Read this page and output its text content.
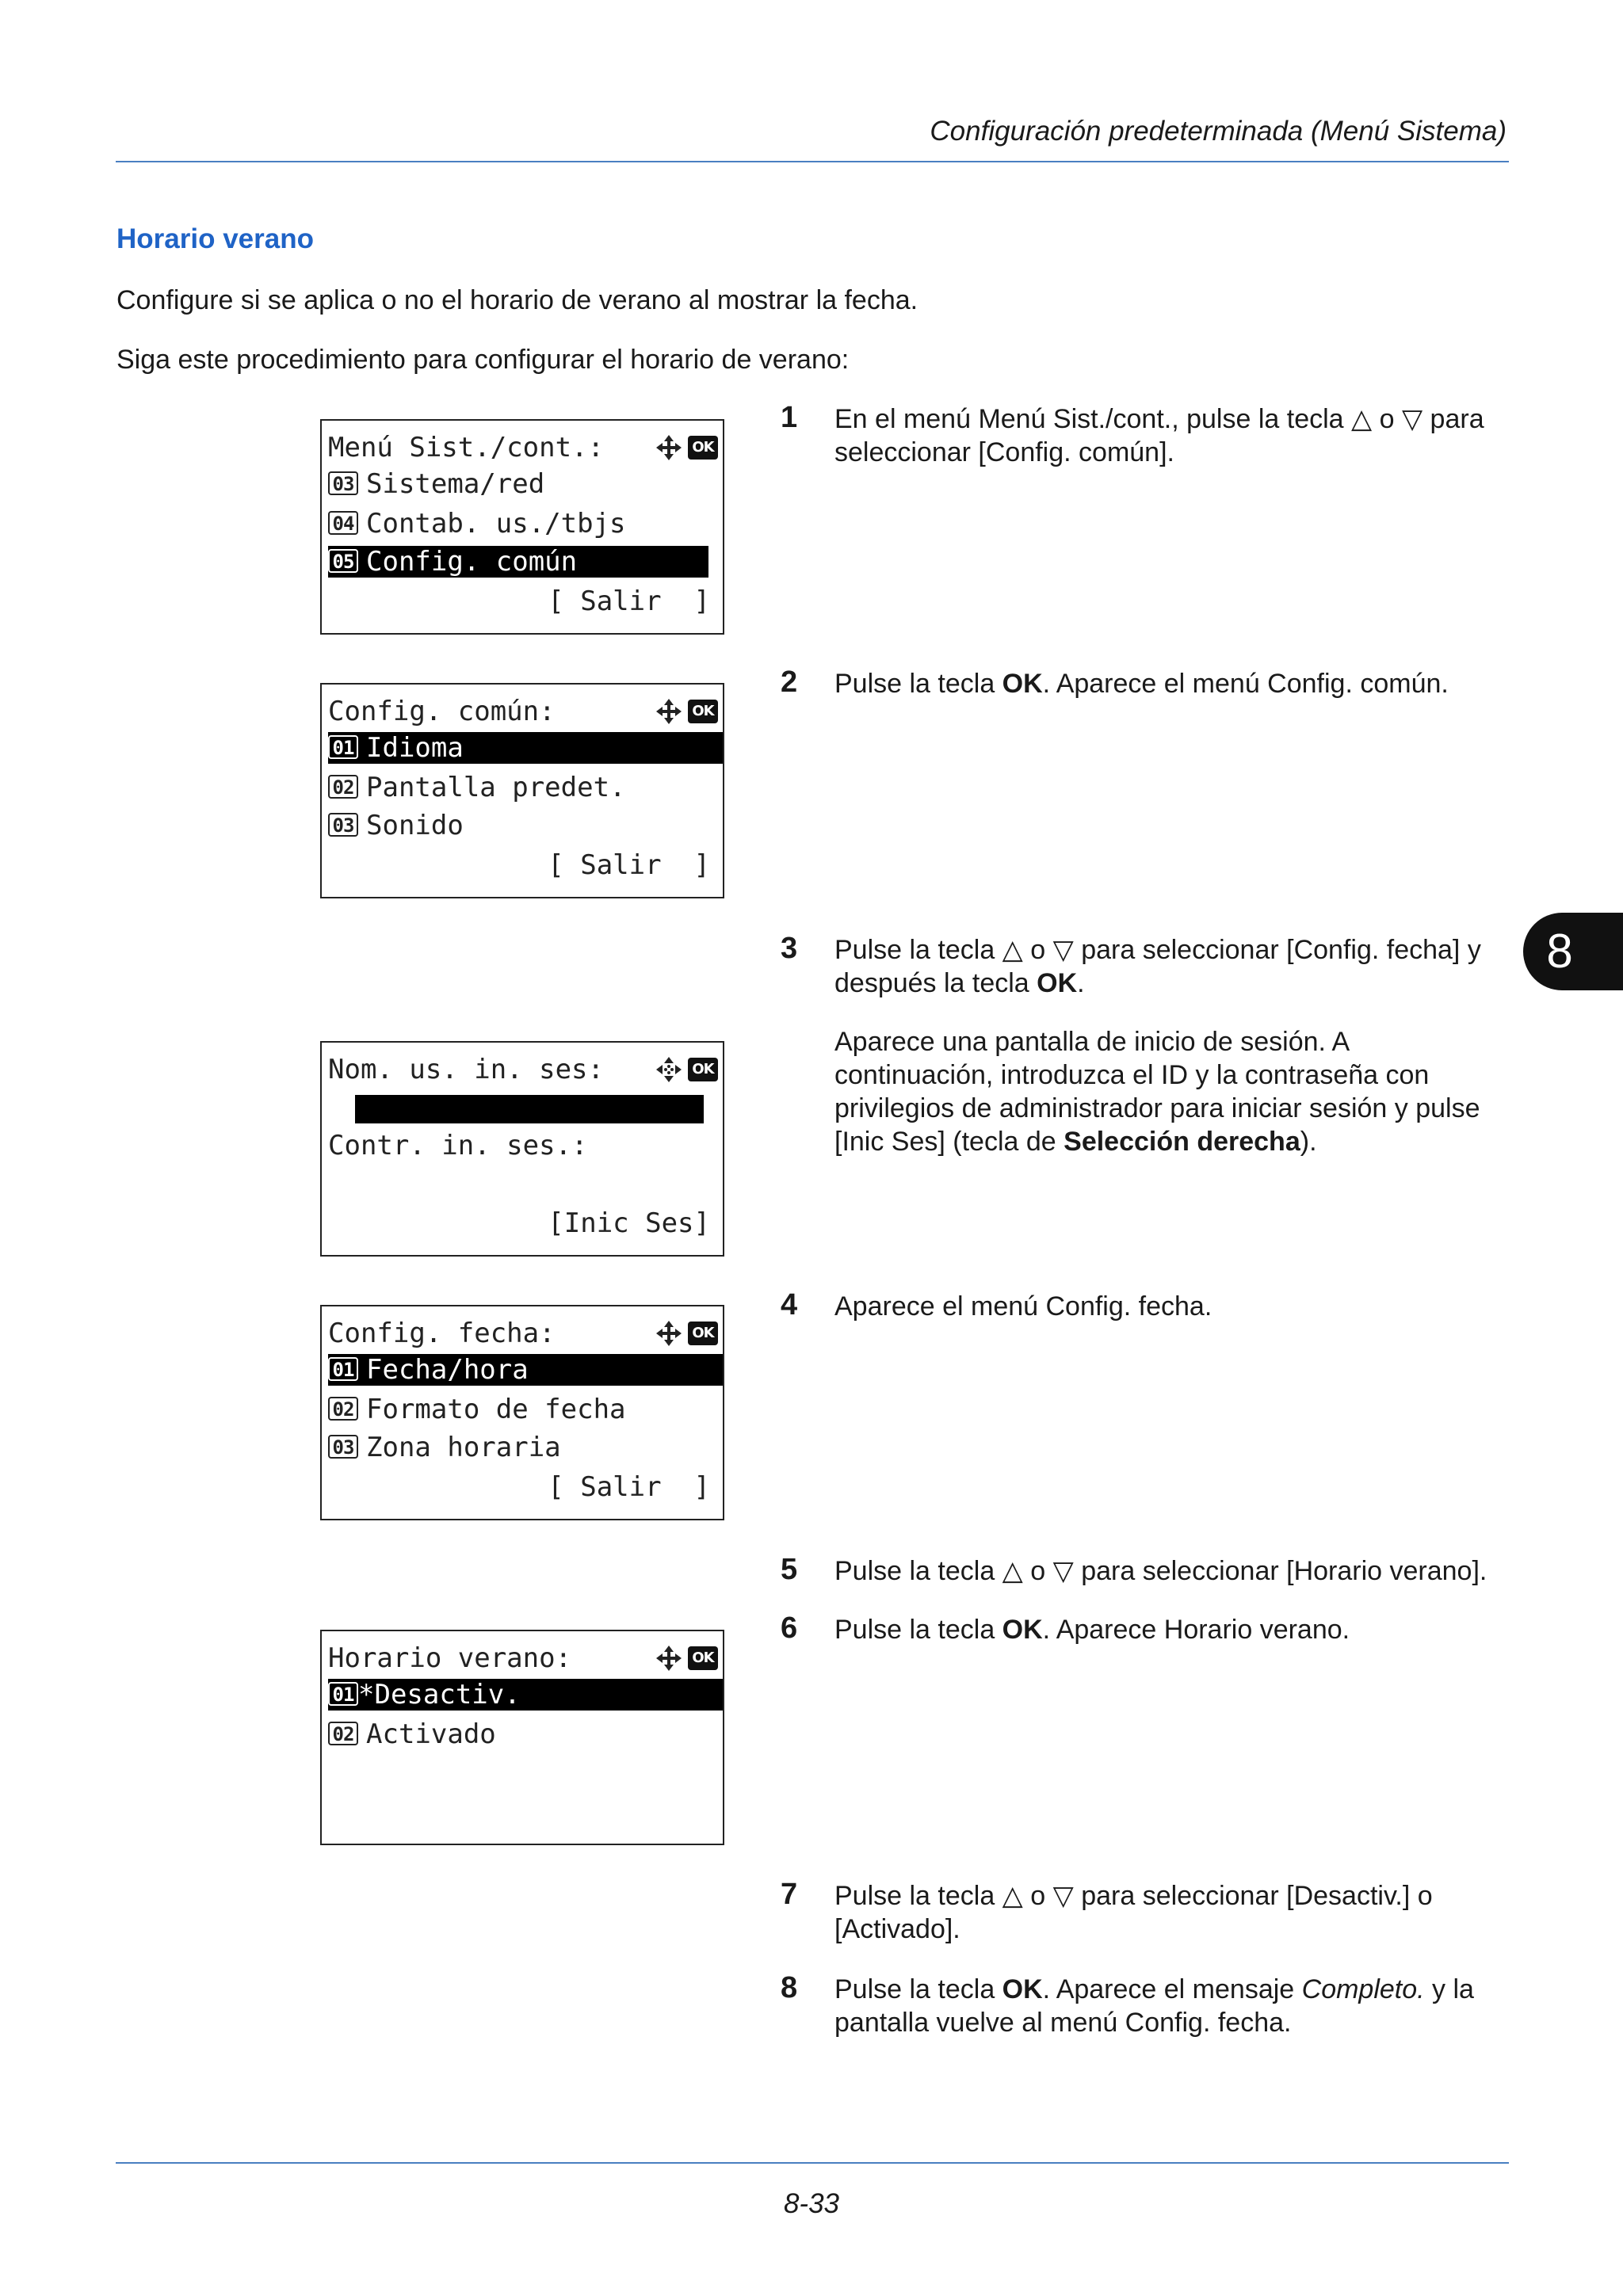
Configuración predeterminada (Menú Sistema)
Horario verano
Configure si se aplica o no el horario de verano al mostrar la fecha.
Siga este procedimiento para configurar el horario de verano:
Menú Sist./cont.:	OK
03 Sistema/red
04 Contab. us./tbjs
05 Config. común
[ Salir  ]
Config. común:	OK
01 Idioma
02 Pantalla predet.
03 Sonido
[ Salir  ]
Nom. us. in. ses:	OK
Contr. in. ses.:
[Inic Ses]
Config. fecha:	OK
01 Fecha/hora
02 Formato de fecha
03 Zona horaria
[ Salir  ]
Horario verano:	OK
01 *Desactiv.
02 Activado
1 En el menú Menú Sist./cont., pulse la tecla △ o ▽ para seleccionar [Config. común].
2 Pulse la tecla OK. Aparece el menú Config. común.
3 Pulse la tecla △ o ▽ para seleccionar [Config. fecha] y después la tecla OK.
Aparece una pantalla de inicio de sesión. A continuación, introduzca el ID y la contraseña con privilegios de administrador para iniciar sesión y pulse [Inic Ses] (tecla de Selección derecha).
4 Aparece el menú Config. fecha.
5 Pulse la tecla △ o ▽ para seleccionar [Horario verano].
6 Pulse la tecla OK. Aparece Horario verano.
7 Pulse la tecla △ o ▽ para seleccionar [Desactiv.] o [Activado].
8 Pulse la tecla OK. Aparece el mensaje Completo. y la pantalla vuelve al menú Config. fecha.
8
8-33
